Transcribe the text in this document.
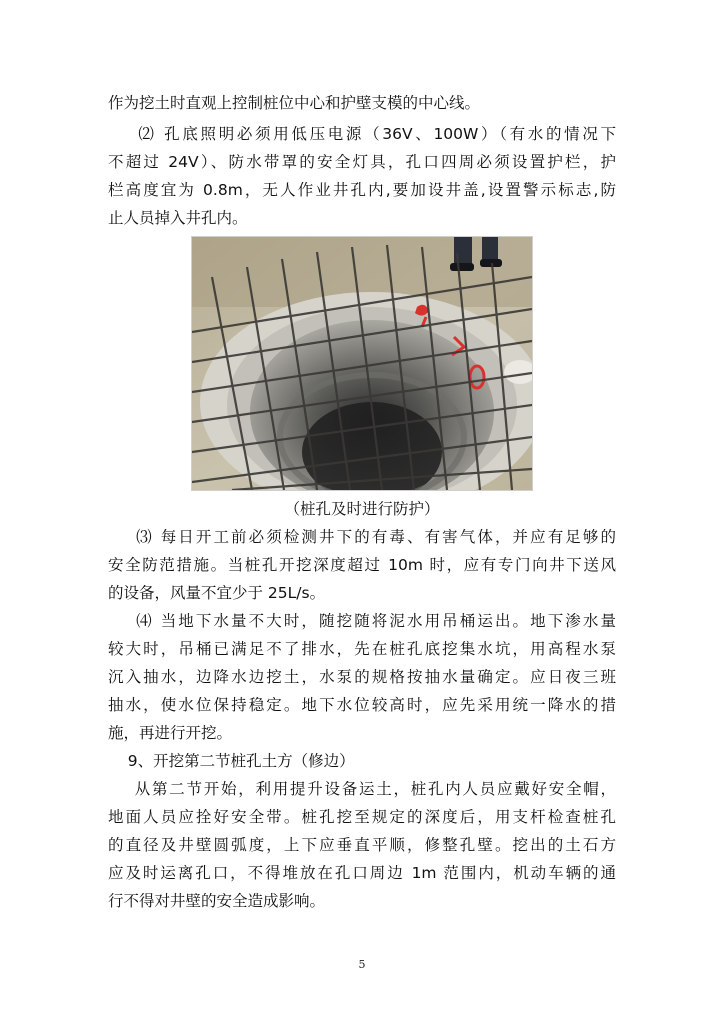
作为挖土时直观上控制桩位中心和护壁支模的中心线。
⑵ 孔底照明必须用低压电源（36V、100W）（有水的情况下
不超过 24V）、防水带罩的安全灯具，孔口四周必须设置护栏，护
栏高度宜为 0.8m，无人作业井孔内,要加设井盖,设置警示标志,防
止人员掉入井孔内。
（桩孔及时进行防护）
⑶ 每日开工前必须检测井下的有毒、有害气体，并应有足够的
安全防范措施。当桩孔开挖深度超过 10m 时，应有专门向井下送风
的设备，风量不宜少于 25L/s。
⑷ 当地下水量不大时，随挖随将泥水用吊桶运出。地下渗水量
较大时，吊桶已满足不了排水，先在桩孔底挖集水坑，用高程水泵
沉入抽水，边降水边挖土，水泵的规格按抽水量确定。应日夜三班
抽水，使水位保持稳定。地下水位较高时，应先采用统一降水的措
施，再进行开挖。
9、开挖第二节桩孔土方（修边）
从第二节开始，利用提升设备运土，桩孔内人员应戴好安全帽，
地面人员应拴好安全带。桩孔挖至规定的深度后，用支杆检查桩孔
的直径及井壁圆弧度，上下应垂直平顺，修整孔壁。挖出的土石方
应及时运离孔口，不得堆放在孔口周边 1m 范围内，机动车辆的通
行不得对井壁的安全造成影响。
5
